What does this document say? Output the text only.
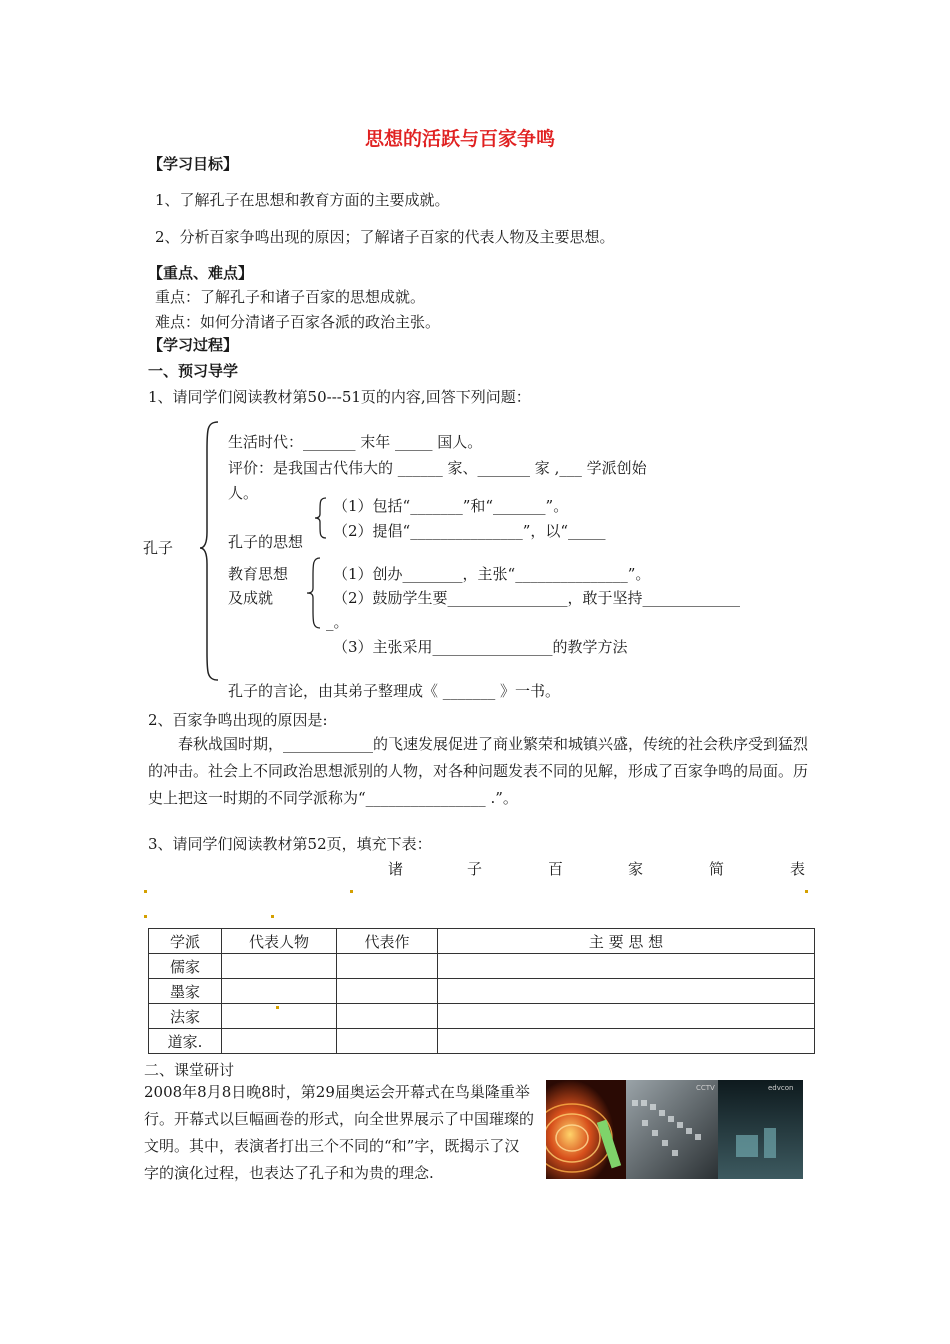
思想的活跃与百家争鸣
【学习目标】
1、了解孔子在思想和教育方面的主要成就。
2、分析百家争鸣出现的原因；了解诸子百家的代表人物及主要思想。
【重点、难点】
重点：了解孔子和诸子百家的思想成就。
难点：如何分清诸子百家各派的政治主张。
【学习过程】
一、预习导学
1、请同学们阅读教材第50---51页的内容,回答下列问题：
孔子
生活时代：_______ 末年 _____ 国人。
评价：是我国古代伟大的 ______ 家、_______ 家 ,___ 学派创始
人。
（1）包括“_______”和“_______”。
（2）提倡“_______________”，以“_____
孔子的思想
教育思想
及成就
（1）创办________，主张“_______________”。
（2）鼓励学生要________________，敢于坚持_____________
_。
（3）主张采用________________的教学方法
孔子的言论，由其弟子整理成《 _______ 》一书。
2、百家争鸣出现的原因是:
春秋战国时期，____________的飞速发展促进了商业繁荣和城镇兴盛，传统的社会秩序受到猛烈的冲击。社会上不同政治思想派别的人物，对各种问题发表不同的见解，形成了百家争鸣的局面。历史上把这一时期的不同学派称为“________________ .”。
3、请同学们阅读教材第52页，填充下表：
诸	子	百	家	简	表
学派	代表人物	代表作	主 要 思 想
儒家			
墨家			
法家			
道家.			
二、课堂研讨
2008年8月8日晚8时，第29届奥运会开幕式在鸟巢隆重举行。开幕式以巨幅画卷的形式，向全世界展示了中国璀璨的文明。其中，表演者打出三个不同的“和”字，既揭示了汉字的演化过程，也表达了孔子和为贵的理念.
CCTV	edvcon
